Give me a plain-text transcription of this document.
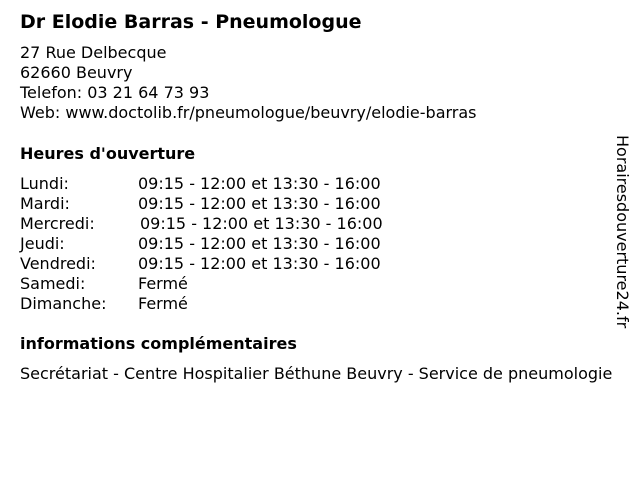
Dr Elodie Barras - Pneumologue
27 Rue Delbecque
62660 Beuvry
Telefon: 03 21 64 73 93
Web: www.doctolib.fr/pneumologue/beuvry/elodie-barras
Heures d'ouverture
Lundi:	09:15 - 12:00 et 13:30 - 16:00
Mardi:	09:15 - 12:00 et 13:30 - 16:00
Mercredi:	09:15 - 12:00 et 13:30 - 16:00
Jeudi:	09:15 - 12:00 et 13:30 - 16:00
Vendredi:	09:15 - 12:00 et 13:30 - 16:00
Samedi:	Fermé
Dimanche: Fermé
informations complémentaires
Secrétariat - Centre Hospitalier Béthune Beuvry - Service de pneumologie
Horairesdouverture24.fr
